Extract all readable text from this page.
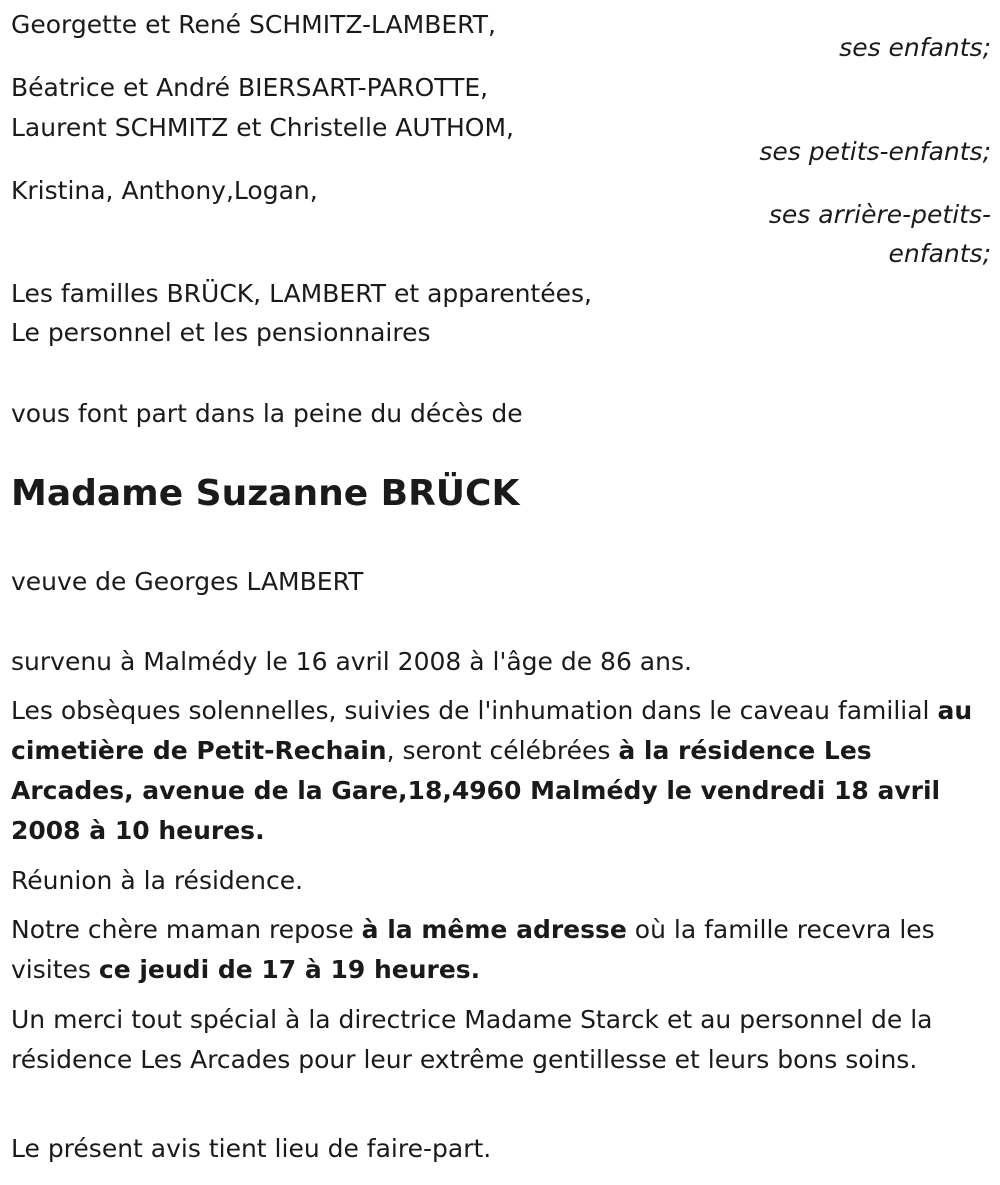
Georgette et René SCHMITZ-LAMBERT,

ses enfants;

Béatrice et André BIERSART-PAROTTE,

Laurent SCHMITZ et Christelle AUTHOM,

ses petits-enfants;

Kristina, Anthony,Logan,

ses arrière-petits-

enfants;

Les familles BRÜCK, LAMBERT et apparentées,

Le personnel et les pensionnaires

vous font part dans la peine du décès de

Madame Suzanne BRÜCK

veuve de Georges LAMBERT

survenu à Malmédy le 16 avril 2008 à l'âge de 86 ans.

Les obsèques solennelles, suivies de l'inhumation dans le caveau familial au cimetière de Petit-Rechain, seront célébrées à la résidence Les Arcades, avenue de la Gare,18,4960 Malmédy le vendredi 18 avril 2008 à 10 heures.

Réunion à la résidence.

Notre chère maman repose à la même adresse où la famille recevra les visites ce jeudi de 17 à 19 heures.

Un merci tout spécial à la directrice Madame Starck et au personnel de la résidence Les Arcades pour leur extrême gentillesse et leurs bons soins.

Le présent avis tient lieu de faire-part.
